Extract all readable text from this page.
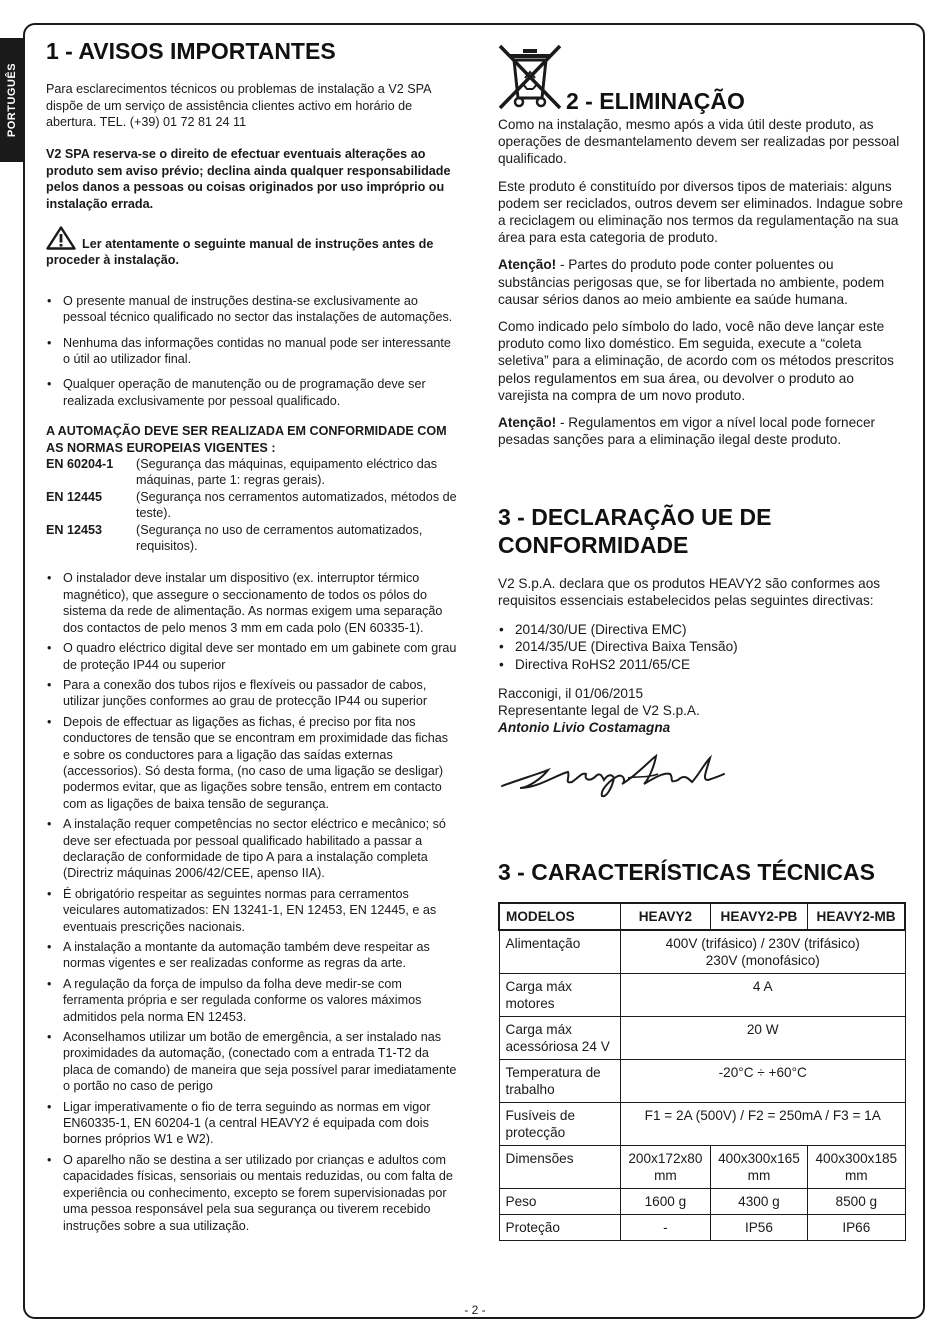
PORTUGUÊS
1 - AVISOS IMPORTANTES

Para esclarecimentos técnicos ou problemas de instalação a V2 SPA dispõe de um serviço de assistência clientes activo em horário de abertura. TEL. (+39) 01 72 81 24 11

V2 SPA reserva-se o direito de efectuar eventuais alterações ao produto sem aviso prévio; declina ainda qualquer responsabilidade pelos danos a pessoas ou coisas originados por uso impróprio ou instalação errada.

Ler atentamente o seguinte manual de instruções antes de proceder à instalação.

• O presente manual de instruções destina-se exclusivamente ao pessoal técnico qualificado no sector das instalações de automações.
• Nenhuma das informações contidas no manual pode ser interessante o útil ao utilizador final.
• Qualquer operação de manutenção ou de programação deve ser realizada exclusivamente por pessoal qualificado.

A AUTOMAÇÃO DEVE SER REALIZADA EM CONFORMIDADE COM AS NORMAS EUROPEIAS VIGENTES :

EN 60204-1	(Segurança das máquinas, equipamento eléctrico das máquinas, parte 1: regras gerais).
EN 12445	(Segurança nos cerramentos automatizados, métodos de teste).
EN 12453	(Segurança no uso de cerramentos automatizados, requisitos).
• O instalador deve instalar um dispositivo (ex. interruptor térmico magnético), que assegure o seccionamento de todos os pólos do sistema da rede de alimentação. As normas exigem uma separação dos contactos de pelo menos 3 mm em cada polo (EN 60335-1).
• O quadro eléctrico digital deve ser montado em um gabinete com grau de proteção IP44 ou superior
• Para a conexão dos tubos rijos e flexíveis ou passador de cabos, utilizar junções conformes ao grau de protecção IP44 ou superior
• Depois de effectuar as ligações as fichas, é preciso por fita nos conductores de tensão que se encontram em proximidade das fichas e sobre os conductores para a ligação das saídas externas (accessorios). Só desta forma, (no caso de uma ligação se desligar) podermos evitar, que as ligações sobre tensão, entrem em contacto com as ligações de baixa tensão de segurança.
• A instalação requer competências no sector eléctrico e mecânico; só deve ser efectuada por pessoal qualificado habilitado a passar a declaração de conformidade de tipo A para a instalação completa (Directriz máquinas 2006/42/CEE, apenso IIA).
• É obrigatório respeitar as seguintes normas para cerramentos veiculares automatizados: EN 13241-1, EN 12453, EN 12445, e as eventuais prescrições nacionais.
• A instalação a montante da automação também deve respeitar as normas vigentes e ser realizadas conforme as regras da arte.
• A regulação da força de impulso da folha deve medir-se com ferramenta própria e ser regulada conforme os valores máximos admitidos pela norma EN 12453.
• Aconselhamos utilizar um botão de emergência, a ser instalado nas proximidades da automação, (conectado com a entrada T1-T2 da placa de comando) de maneira que seja possível parar imediatamente o portão no caso de perigo
• Ligar imperativamente o fio de terra seguindo as normas em vigor EN60335-1, EN 60204-1 (a central HEAVY2 é equipada com dois bornes próprios W1 e W2).
• O aparelho não se destina a ser utilizado por crianças e adultos com capacidades físicas, sensoriais ou mentais reduzidas, ou com falta de experiência ou conhecimento, excepto se forem supervisionadas por uma pessoa responsável pela sua segurança ou tiverem recebido instruções sobre a sua utilização.
2 - ELIMINAÇÃO

Como na instalação, mesmo após a vida útil deste produto, as operações de desmantelamento devem ser realizadas por pessoal qualificado.

Este produto é constituído por diversos tipos de materiais: alguns podem ser reciclados, outros devem ser eliminados. Indague sobre a reciclagem ou eliminação nos termos da regulamentação na sua área para esta categoria de produto.

Atenção! - Partes do produto pode conter poluentes ou substâncias perigosas que, se for libertada no ambiente, podem causar sérios danos ao meio ambiente ea saúde humana.

Como indicado pelo símbolo do lado, você não deve lançar este produto como lixo doméstico. Em seguida, execute a “coleta seletiva” para a eliminação, de acordo com os métodos prescritos pelos regulamentos em sua área, ou devolver o produto ao varejista na compra de um novo produto.

Atenção! - Regulamentos em vigor a nível local pode fornecer pesadas sanções para a eliminação ilegal deste produto.

3 - DECLARAÇÃO UE DE
CONFORMIDADE

V2 S.p.A. declara que os produtos HEAVY2 são conformes aos requisitos essenciais estabelecidos pelas seguintes directivas:

• 2014/30/UE (Directiva EMC)
• 2014/35/UE (Directiva Baixa Tensão)
• Directiva RoHS2 2011/65/CE

Racconigi, il 01/06/2015

Representante legal de V2 S.p.A.

Antonio Livio Costamagna

3 - CARACTERÍSTICAS TÉCNICAS
MODELOS	HEAVY2	HEAVY2-PB	HEAVY2-MB
Alimentação	400V (trifásico) / 230V (trifásico)
230V (monofásico)		
Carga máx motores	4 A		
Carga máx acessóriosa 24 V	20 W		
Temperatura de trabalho	-20°C ÷ +60°C		
Fusíveis de protecção	F1 = 2A (500V) / F2 = 250mA / F3 = 1A		
Dimensões	200x172x80 mm	400x300x165 mm	400x300x185 mm
Peso	1600 g	4300 g	8500 g
Proteção	-	IP56	IP66
- 2 -
